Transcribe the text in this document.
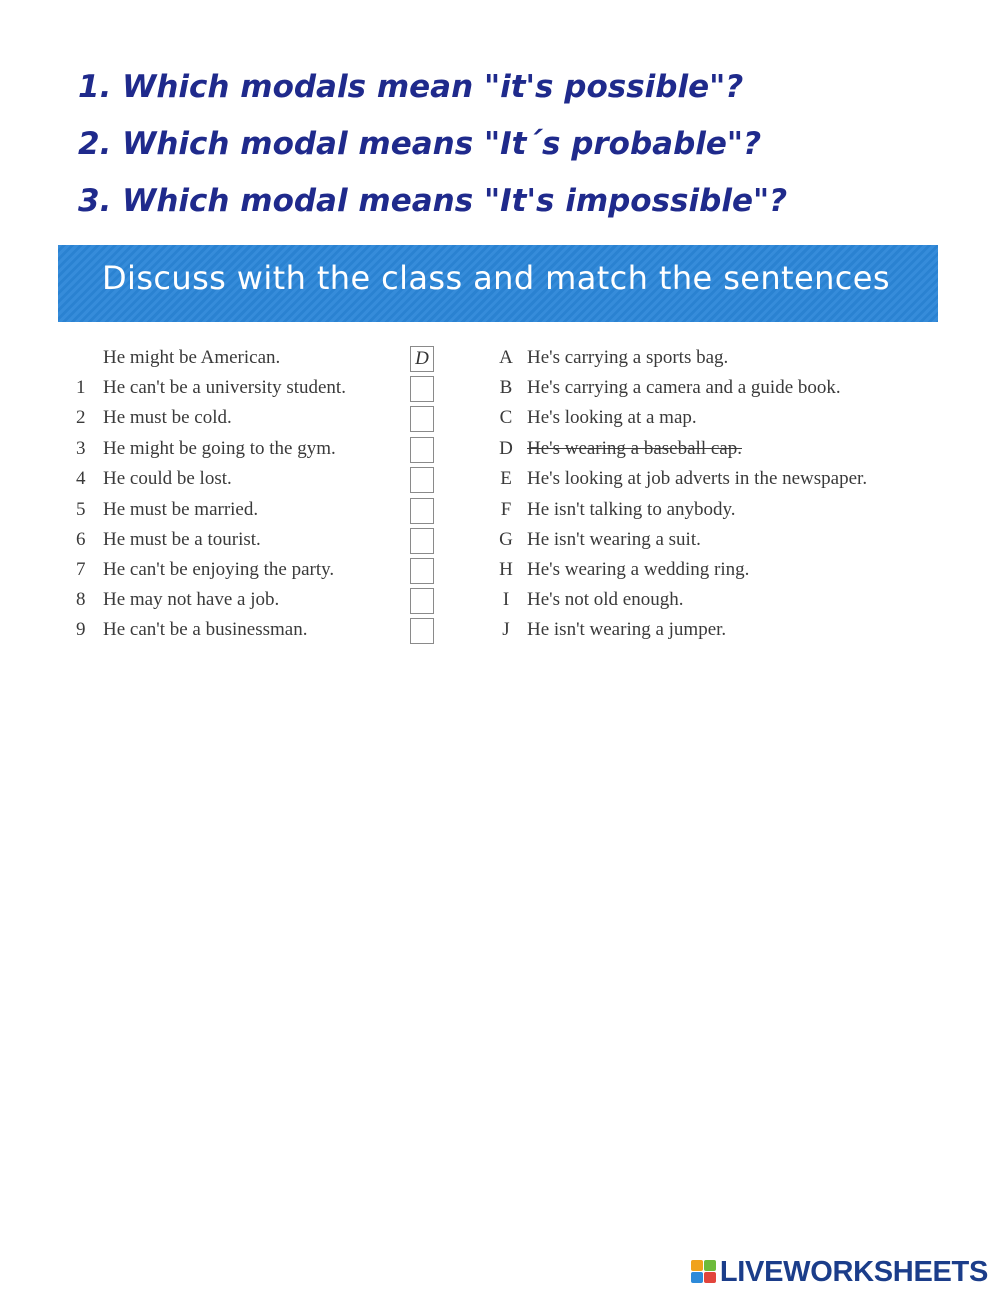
1. Which modals mean "it's possible"?
2. Which modal means "It´s probable"?
3. Which modal means "It's impossible"?
Discuss with the class and match the sentences
He might be American.	D	A He's carrying a sports bag.
1 He can't be a university student.	B He's carrying a camera and a guide book.
2 He must be cold.	C He's looking at a map.
3 He might be going to the gym.	D He's wearing a baseball cap.
4 He could be lost.	E He's looking at job adverts in the newspaper.
5 He must be married.	F He isn't talking to anybody.
6 He must be a tourist.	G He isn't wearing a suit.
7 He can't be enjoying the party.	H He's wearing a wedding ring.
8 He may not have a job.	I He's not old enough.
9 He can't be a businessman.	J He isn't wearing a jumper.
LIVEWORKSHEETS
